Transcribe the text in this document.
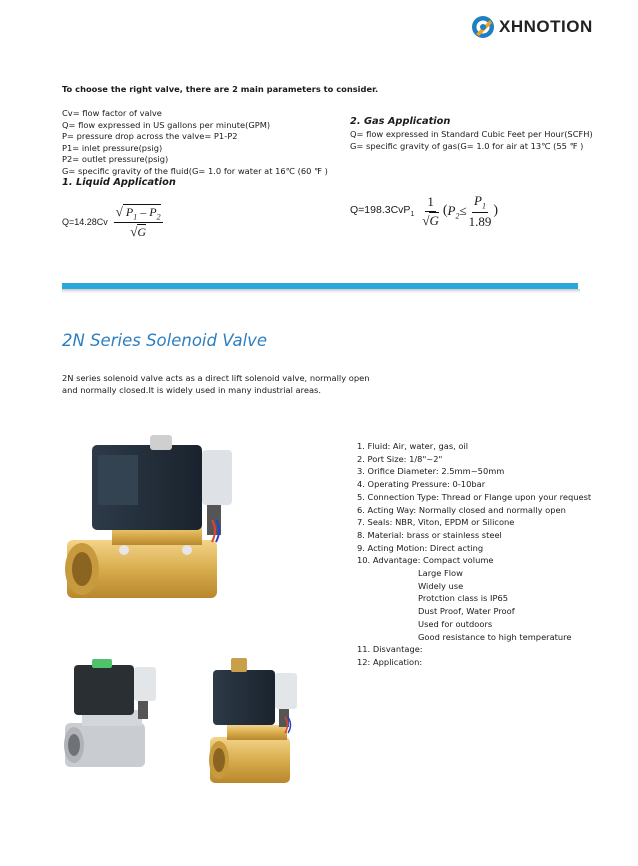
XHNOTION
To choose the right valve, there are 2 main parameters to consider.
Cv= flow factor of valve
Q= flow expressed in US gallons per minute(GPM)
P= pressure drop across the valve= P1-P2
P1= inlet pressure(psig)
P2= outlet pressure(psig)
G= specific gravity of the fluid(G= 1.0 for water at 16℃ (60 ℉ )
1. Liquid Application
$Q=14.28Cv \frac{√ P_1 - P_2}{√G}$
2. Gas Application
Q= flow expressed in Standard Cubic Feet per Hour(SCFH)
G= specific gravity of gas(G= 1.0 for air at 13℃ (55 ℉ )
$Q=198.3CvP_1 \frac{1}{√G}$ ( $P_2 \le \frac{P_1}{1.89}$ )
2N Series Solenoid Valve
2N series solenoid valve acts as a direct lift solenoid valve, normally open
and normally closed.It is widely used in many industrial areas.
1. Fluid: Air, water, gas, oil
2. Port Size: 1/8"~2"
3. Orifice Diameter: 2.5mm~50mm
4. Operating Pressure: 0-10bar
5. Connection Type: Thread or Flange upon your request
6. Acting Way: Normally closed and normally open
7. Seals: NBR, Viton, EPDM or Silicone
8. Material: brass or stainless steel
9. Acting Motion: Direct acting
10. Advantage: Compact volume
Large Flow
Widely use
Protction class is IP65
Dust Proof, Water Proof
Used for outdoors
Good resistance to high temperature
11. Disvantage:
12: Application:
